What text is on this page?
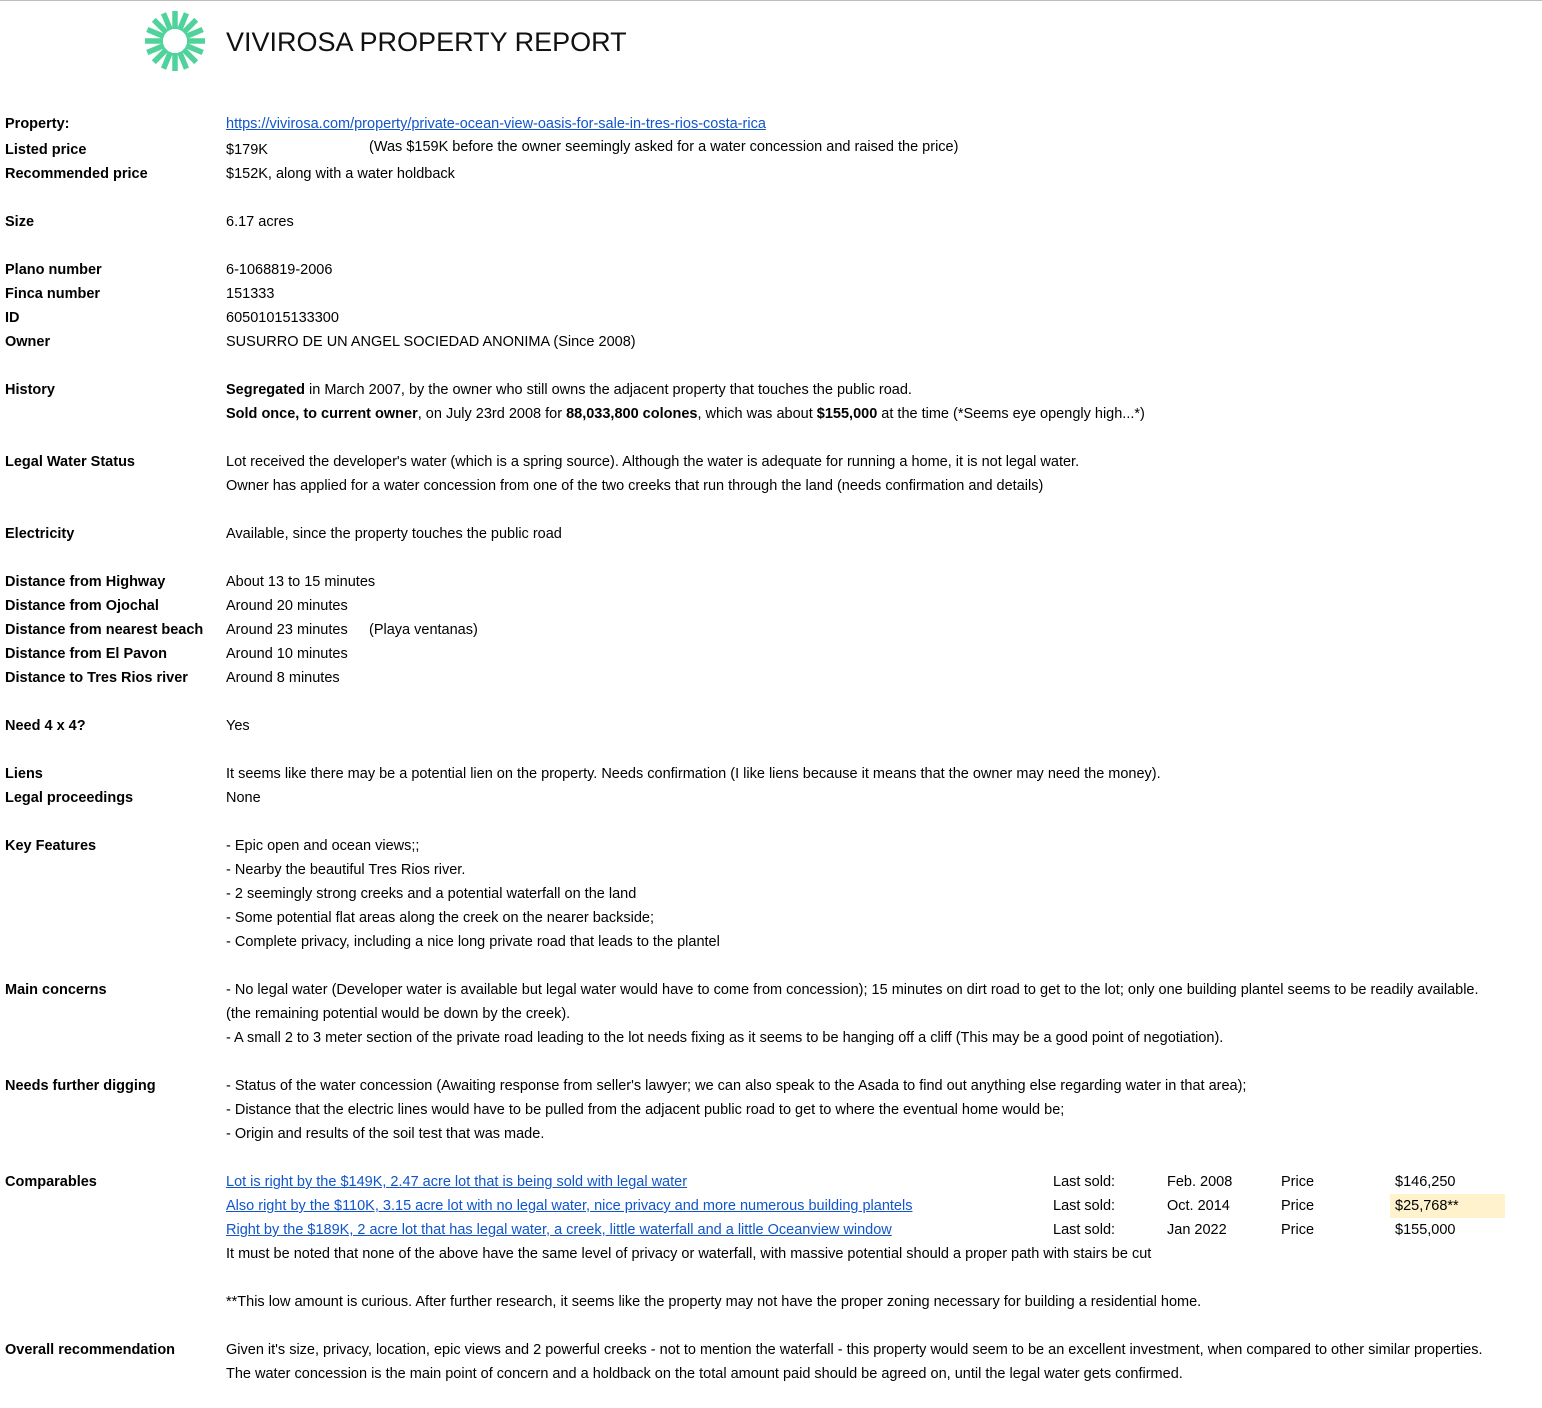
VIVIROSA PROPERTY REPORT
Property:	https://vivirosa.com/property/private-ocean-view-oasis-for-sale-in-tres-rios-costa-rica
Listed price	$179K	(Was $159K before the owner seemingly asked for a water concession and raised the price)
Recommended price	$152K, along with a water holdback
Size	6.17 acres
Plano number	6-1068819-2006
Finca number	151333
ID	60501015133300
Owner	SUSURRO DE UN ANGEL SOCIEDAD ANONIMA (Since 2008)
History	Segregated in March 2007, by the owner who still owns the adjacent property that touches the public road.
Sold once, to current owner, on July 23rd 2008 for 88,033,800 colones, which was about $155,000 at the time (*Seems eye opengly high...*)
Legal Water Status	Lot received the developer's water (which is a spring source). Although the water is adequate for running a home, it is not legal water.
Owner has applied for a water concession from one of the two creeks that run through the land (needs confirmation and details)
Electricity	Available, since the property touches the public road
Distance from Highway	About 13 to 15 minutes
Distance from Ojochal	Around 20 minutes
Distance from nearest beach Around 23 minutes (Playa ventanas)
Distance from El Pavon	Around 10 minutes
Distance to Tres Rios river	Around 8 minutes
Need 4 x 4?	Yes
Liens	It seems like there may be a potential lien on the property. Needs confirmation (I like liens because it means that the owner may need the money).
Legal proceedings	None
Key Features	- Epic open and ocean views;;
- Nearby the beautiful Tres Rios river.
- 2 seemingly strong creeks and a potential waterfall on the land
- Some potential flat areas along the creek on the nearer backside;
- Complete privacy, including a nice long private road that leads to the plantel
Main concerns	- No legal water (Developer water is available but legal water would have to come from concession); 15 minutes on dirt road to get to the lot; only one building plantel seems to be readily available.
(the remaining potential would be down by the creek).
- A small 2 to 3 meter section of the private road leading to the lot needs fixing as it seems to be hanging off a cliff (This may be a good point of negotiation).
Needs further digging	- Status of the water concession (Awaiting response from seller's lawyer; we can also speak to the Asada to find out anything else regarding water in that area);
- Distance that the electric lines would have to be pulled from the adjacent public road to get to where the eventual home would be;
- Origin and results of the soil test that was made.
Comparables	Lot is right by the $149K, 2.47 acre lot that is being sold with legal water	Last sold:	Feb. 2008	Price	$146,250
Also right by the $110K, 3.15 acre lot with no legal water, nice privacy and more numerous building plantels	Last sold:	Oct. 2014	Price	$25,768**
Right by the $189K, 2 acre lot that has legal water, a creek, little waterfall and a little Oceanview window	Last sold:	Jan 2022	Price	$155,000
It must be noted that none of the above have the same level of privacy or waterfall, with massive potential should a proper path with stairs be cut
**This low amount is curious. After further research, it seems like the property may not have the proper zoning necessary for building a residential home.
Overall recommendation	Given it's size, privacy, location, epic views and 2 powerful creeks - not to mention the waterfall - this property would seem to be an excellent investment, when compared to other similar properties.
The water concession is the main point of concern and a holdback on the total amount paid should be agreed on, until the legal water gets confirmed.
